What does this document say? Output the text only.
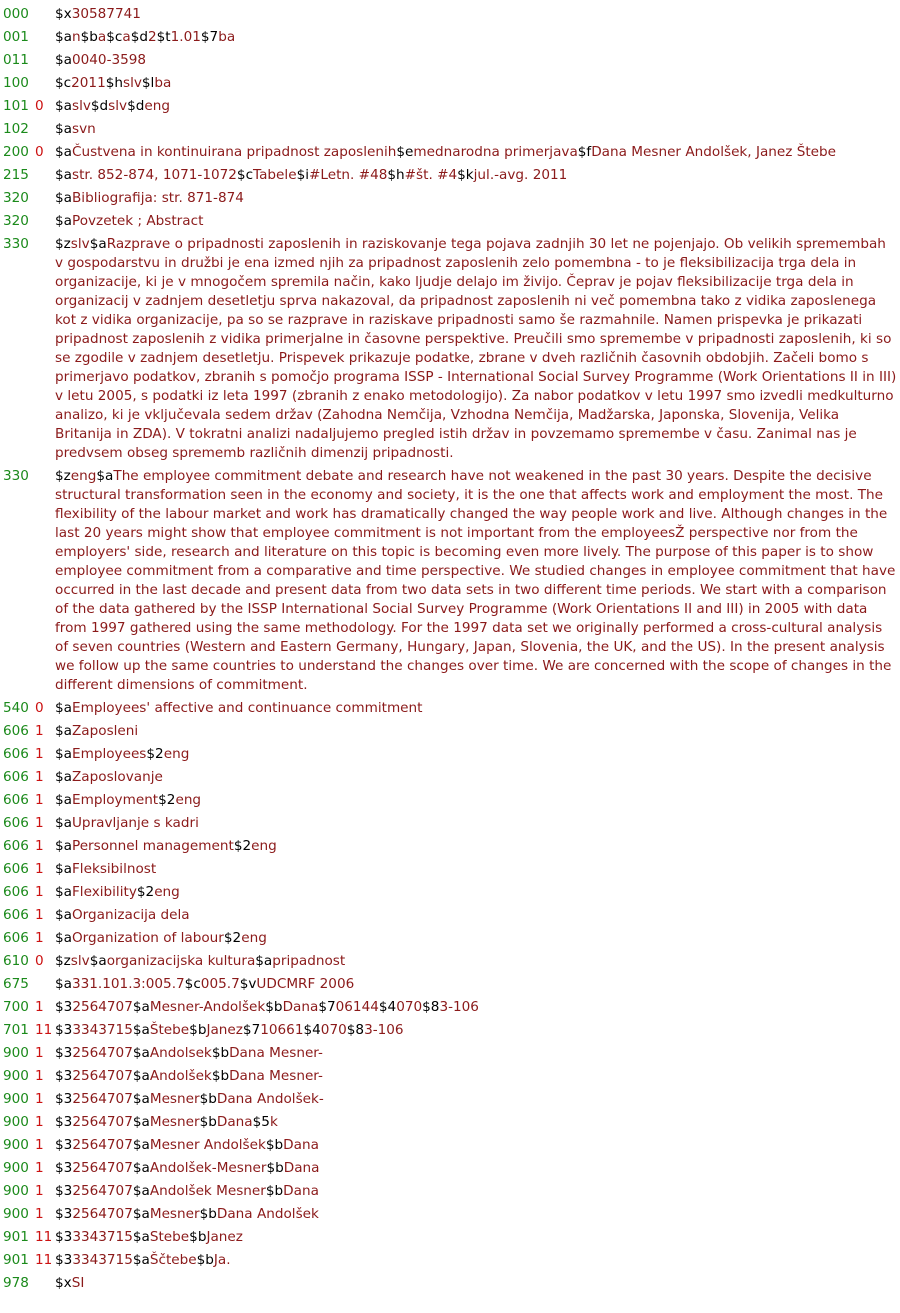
000	$x30587741
001	$an$ba$ca$d2$t1.01$7ba
011	$a0040-3598
100	$c2011$hslv$lba
101 0 $aslv$dslv$deng
102	$asvn
200 0 $aČustvena in kontinuirana pripadnost zaposlenih$emednarodna primerjava$fDana Mesner Andolšek, Janez Štebe
215	$astr. 852-874, 1071-1072$cTabele$i#Letn. #48$h#št. #4$kjul.-avg. 2011
320	$aBibliografija: str. 871-874
320	$aPovzetek ; Abstract
330	$zslv$aRazprave o pripadnosti zaposlenih in raziskovanje tega pojava zadnjih 30 let ne pojenjajo. Ob velikih spremembah v gospodarstvu in družbi je ena izmed njih za pripadnost zaposlenih zelo pomembna - to je fleksibilizacija trga dela in organizacije, ki je v mnogočem spremila način, kako ljudje delajo im živijo. Čeprav je pojav fleksibilizacije trga dela in organizacij v zadnjem desetletju sprva nakazoval, da pripadnost zaposlenih ni več pomembna tako z vidika zaposlenega kot z vidika organizacije, pa so se razprave in raziskave pripadnosti samo še razmahnile. Namen prispevka je prikazati pripadnost zaposlenih z vidika primerjalne in časovne perspektive. Preučili smo spremembe v pripadnosti zaposlenih, ki so se zgodile v zadnjem desetletju. Prispevek prikazuje podatke, zbrane v dveh različnih časovnih obdobjih. Začeli bomo s primerjavo podatkov, zbranih s pomočjo programa ISSP - International Social Survey Programme (Work Orientations II in III) v letu 2005, s podatki iz leta 1997 (zbranih z enako metodologijo). Za nabor podatkov v letu 1997 smo izvedli medkulturno analizo, ki je vključevala sedem držav (Zahodna Nemčija, Vzhodna Nemčija, Madžarska, Japonska, Slovenija, Velika Britanija in ZDA). V tokratni analizi nadaljujemo pregled istih držav in povzemamo spremembe v času. Zanimal nas je predvsem obseg sprememb različnih dimenzij pripadnosti.
330	$zeng$aThe employee commitment debate and research have not weakened in the past 30 years. Despite the decisive structural transformation seen in the economy and society, it is the one that affects work and employment the most. The flexibility of the labour market and work has dramatically changed the way people work and live. Although changes in the last 20 years might show that employee commitment is not important from the employeesŽ perspective nor from the employers' side, research and literature on this topic is becoming even more lively. The purpose of this paper is to show employee commitment from a comparative and time perspective. We studied changes in employee commitment that have occurred in the last decade and present data from two data sets in two different time periods. We start with a comparison of the data gathered by the ISSP International Social Survey Programme (Work Orientations II and III) in 2005 with data from 1997 gathered using the same methodology. For the 1997 data set we originally performed a cross-cultural analysis of seven countries (Western and Eastern Germany, Hungary, Japan, Slovenia, the UK, and the US). In the present analysis we follow up the same countries to understand the changes over time. We are concerned with the scope of changes in the different dimensions of commitment.
540 0 $aEmployees' affective and continuance commitment
606 1 $aZaposleni
606 1 $aEmployees$2eng
606 1 $aZaposlovanje
606 1 $aEmployment$2eng
606 1 $aUpravljanje s kadri
606 1 $aPersonnel management$2eng
606 1 $aFleksibilnost
606 1 $aFlexibility$2eng
606 1 $aOrganizacija dela
606 1 $aOrganization of labour$2eng
610 0 $zslv$aorganizacijska kultura$apripadnost
675	$a331.101.3:005.7$c005.7$vUDCMRF 2006
700 1 $32564707$aMesner-Andolšek$bDana$706144$4070$83-106
701 11 $33343715$aŠtebe$bJanez$710661$4070$83-106
900 1 $32564707$aAndolsek$bDana Mesner-
900 1 $32564707$aAndolšek$bDana Mesner-
900 1 $32564707$aMesner$bDana Andolšek-
900 1 $32564707$aMesner$bDana$5k
900 1 $32564707$aMesner Andolšek$bDana
900 1 $32564707$aAndolšek-Mesner$bDana
900 1 $32564707$aAndolšek Mesner$bDana
900 1 $32564707$aMesner$bDana Andolšek
901 11 $33343715$aStebe$bJanez
901 11 $33343715$aŠčtebe$bJa.
978	$xSI
